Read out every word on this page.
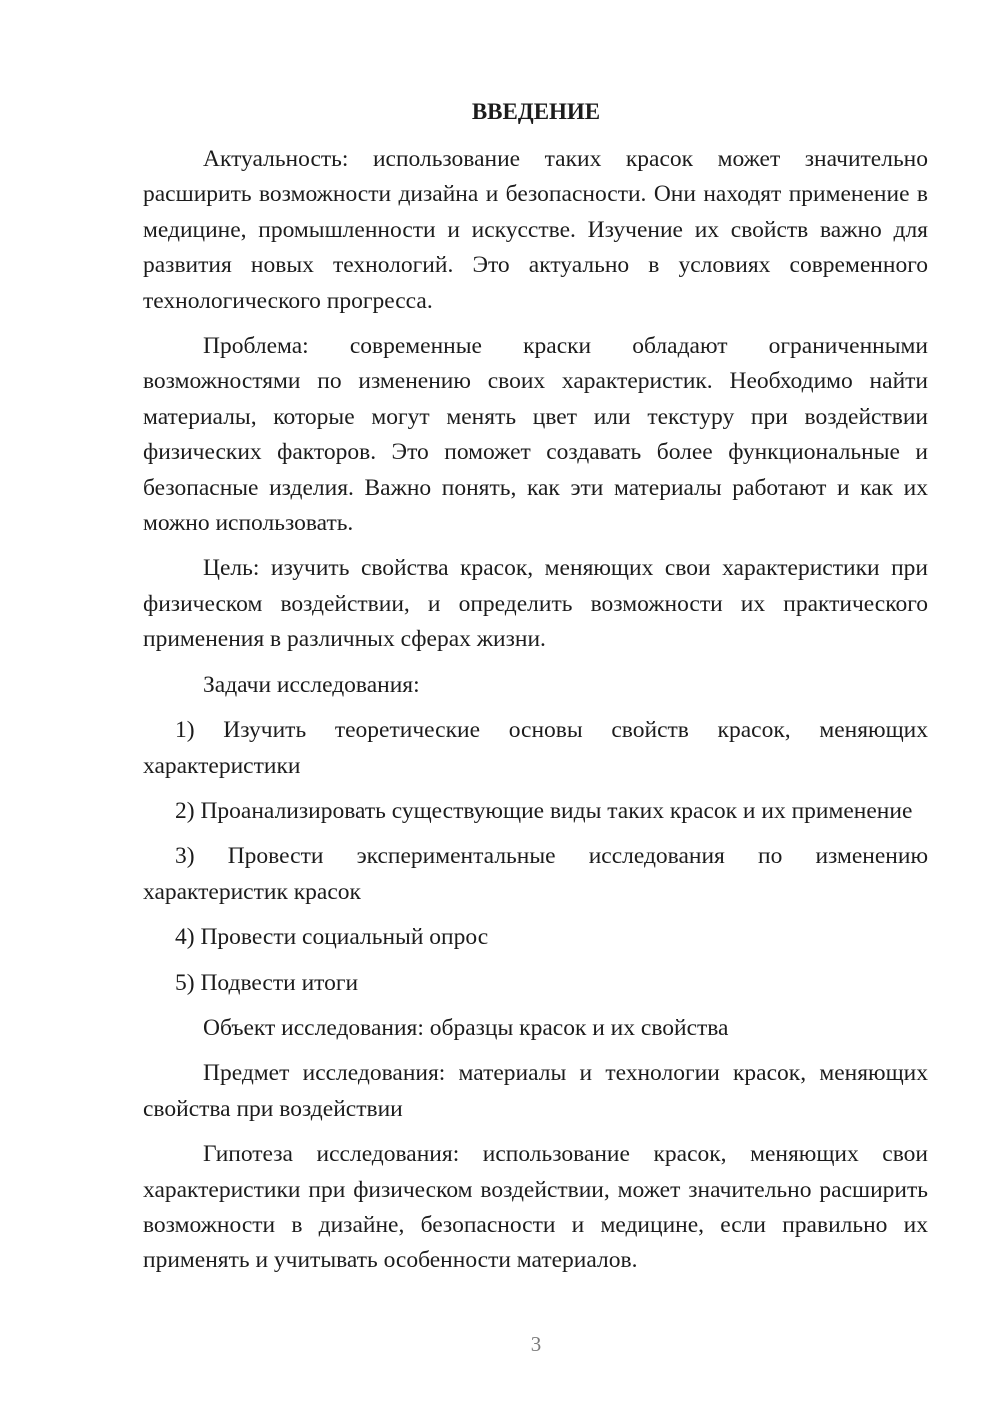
ВВЕДЕНИЕ

Актуальность: использование таких красок может значительно расширить возможности дизайна и безопасности. Они находят применение в медицине, промышленности и искусстве. Изучение их свойств важно для развития новых технологий. Это актуально в условиях современного технологического прогресса.

Проблема: современные краски обладают ограниченными возможностями по изменению своих характеристик. Необходимо найти материалы, которые могут менять цвет или текстуру при воздействии физических факторов. Это поможет создавать более функциональные и безопасные изделия. Важно понять, как эти материалы работают и как их можно использовать.

Цель: изучить свойства красок, меняющих свои характеристики при физическом воздействии, и определить возможности их практического применения в различных сферах жизни.

Задачи исследования:

1) Изучить теоретические основы свойств красок, меняющих характеристики

2) Проанализировать существующие виды таких красок и их применение

3) Провести экспериментальные исследования по изменению характеристик красок

4) Провести социальный опрос

5) Подвести итоги

Объект исследования: образцы красок и их свойства

Предмет исследования: материалы и технологии красок, меняющих свойства при воздействии

Гипотеза исследования: использование красок, меняющих свои характеристики при физическом воздействии, может значительно расширить возможности в дизайне, безопасности и медицине, если правильно их применять и учитывать особенности материалов.

3
